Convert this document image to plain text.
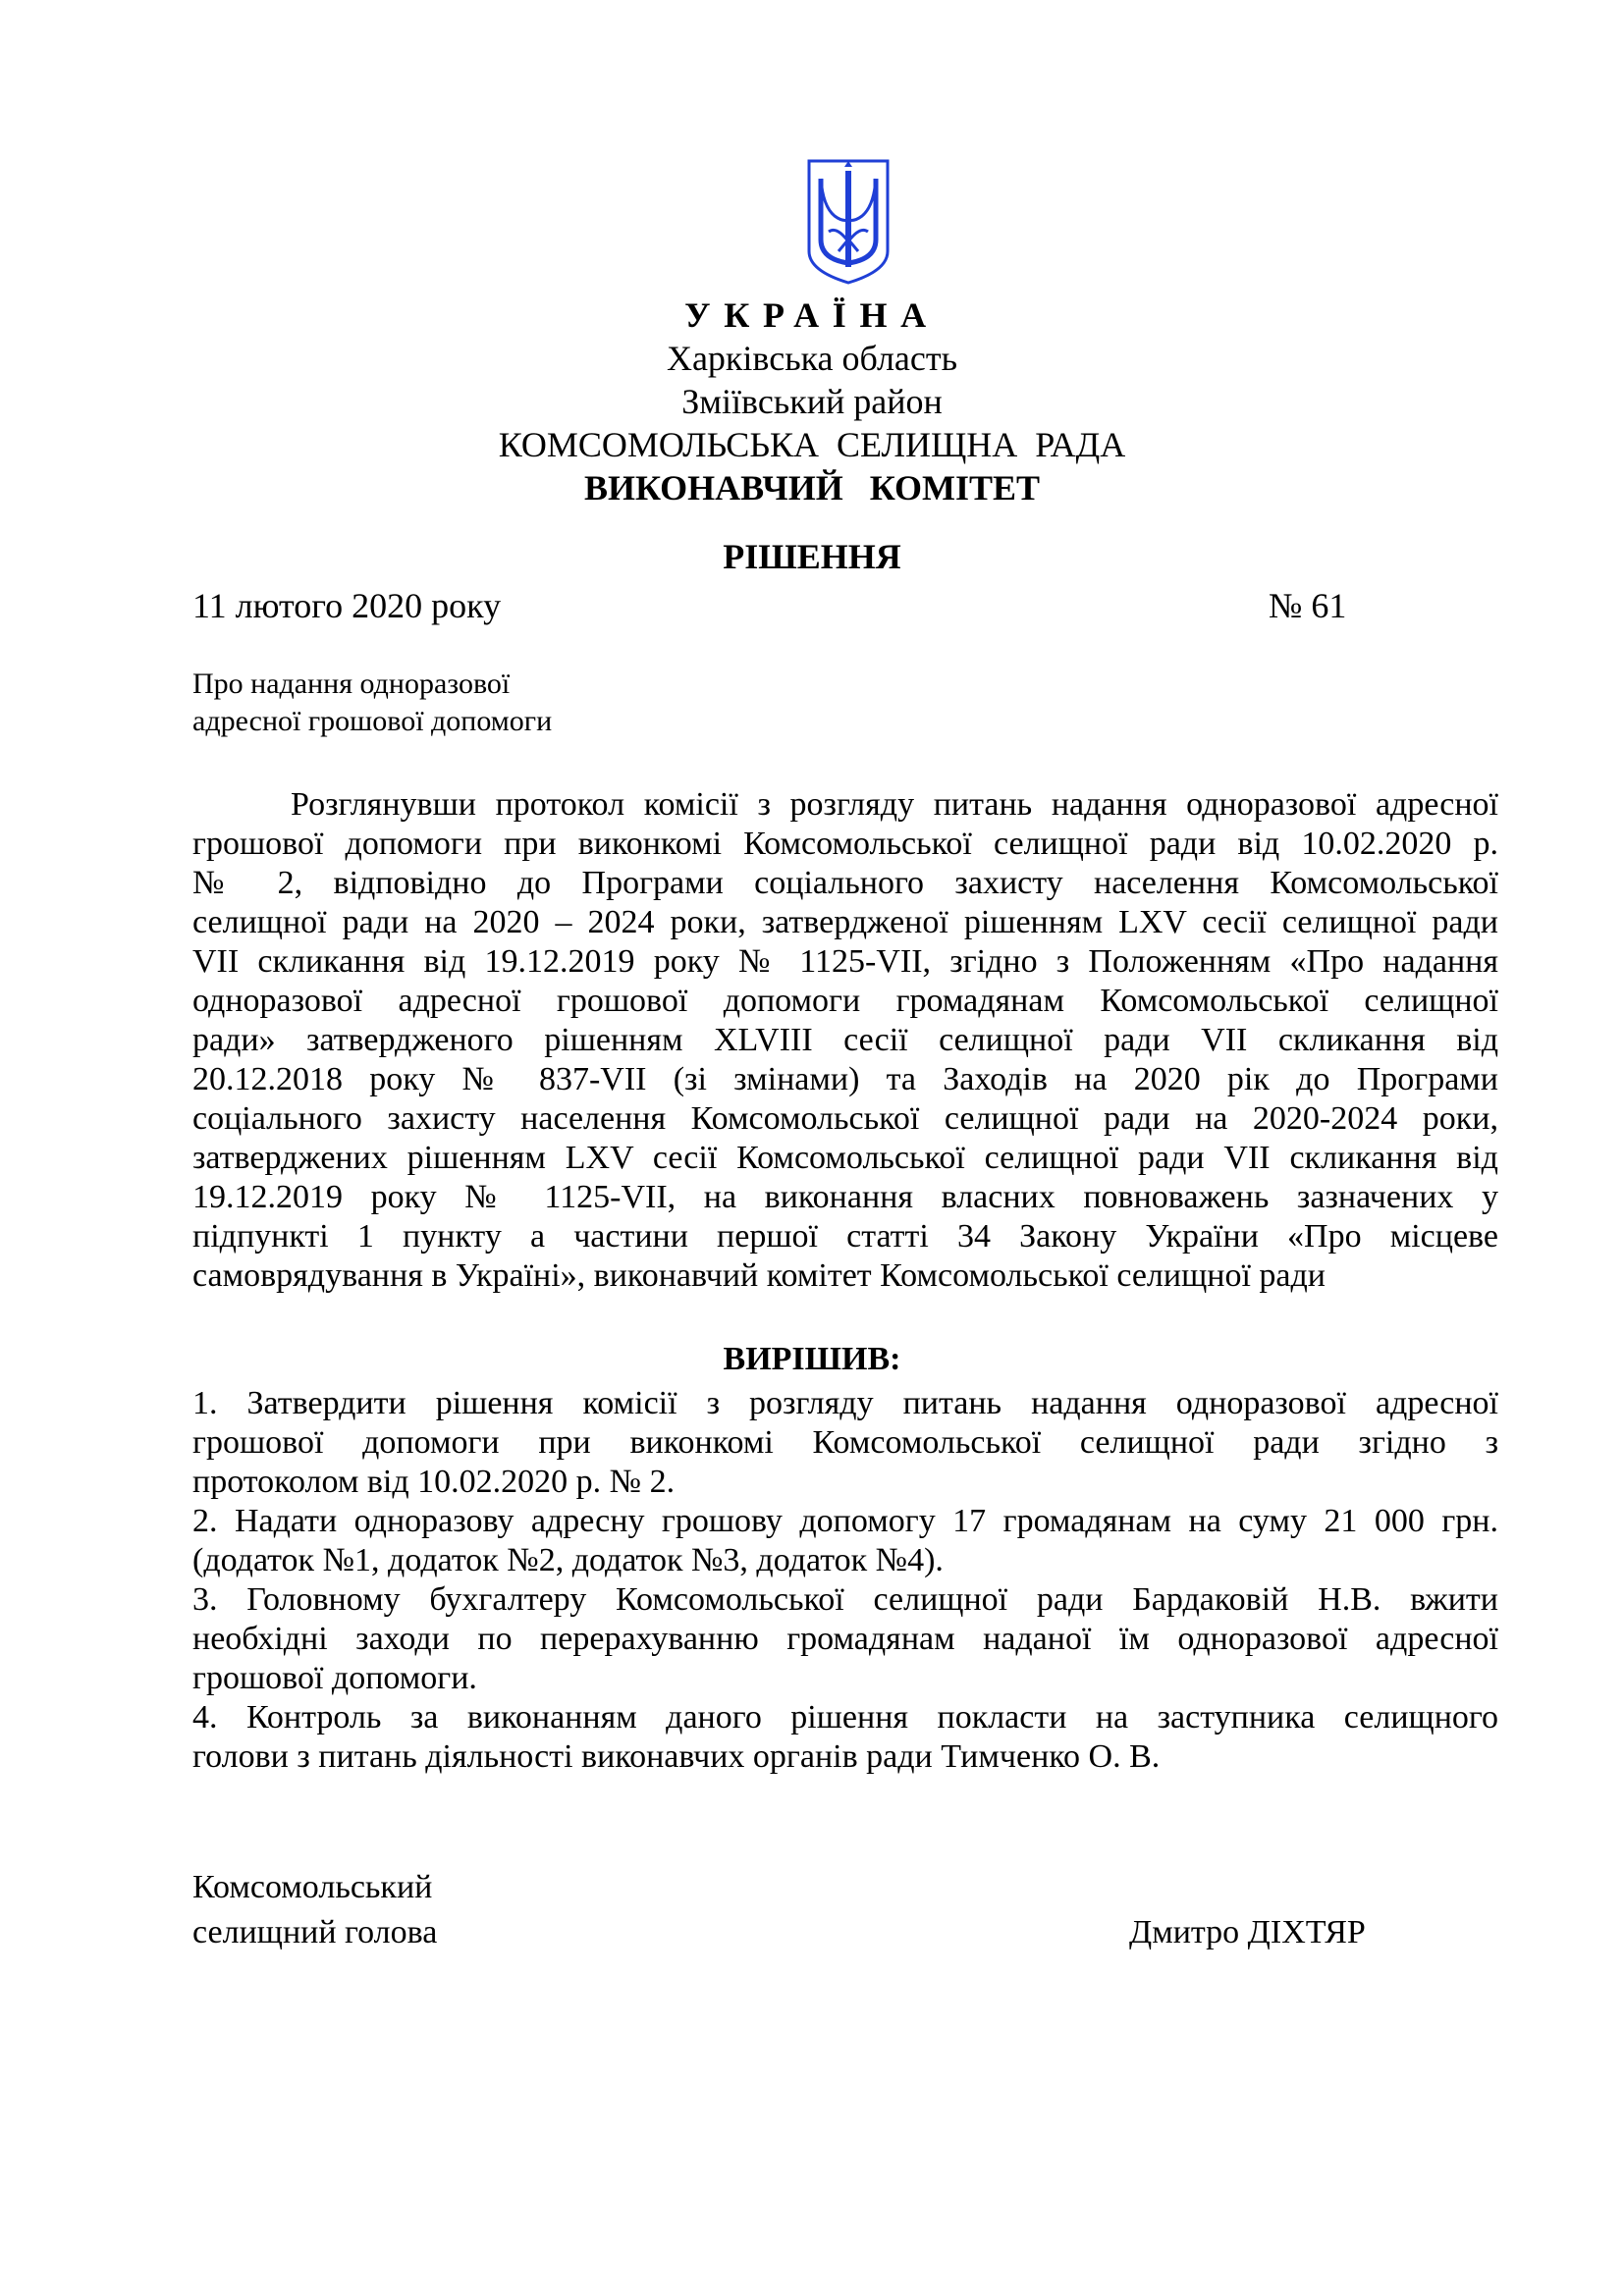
УКРАЇНА
Харківська область
Зміївський район
КОМСОМОЛЬСЬКА  СЕЛИЩНА  РАДА
ВИКОНАВЧИЙ   КОМІТЕТ
РІШЕННЯ
11 лютого 2020 року	№ 61
Про надання одноразової
адресної грошової допомоги
Розглянувши протокол комісії з розгляду питань надання одноразової адресної
грошової допомоги при виконкомі Комсомольської селищної ради від 10.02.2020 р.
№ 2, відповідно до Програми соціального захисту населення Комсомольської
селищної ради на 2020 – 2024 роки, затвердженої рішенням LXV сесії селищної ради
VII скликання від 19.12.2019 року № 1125-VII, згідно з Положенням «Про надання
одноразової адресної грошової допомоги громадянам Комсомольської селищної
ради» затвердженого рішенням XLVIII сесії селищної ради VII скликання від
20.12.2018 року № 837-VII (зі змінами) та Заходів на 2020 рік до Програми
соціального захисту населення Комсомольської селищної ради на 2020-2024 роки,
затверджених рішенням LXV сесії Комсомольської селищної ради VII скликання від
19.12.2019 року № 1125-VII, на виконання власних повноважень зазначених у
підпункті 1 пункту а частини першої статті 34 Закону України «Про місцеве
самоврядування в Україні», виконавчий комітет Комсомольської селищної ради
ВИРІШИВ:
1. Затвердити рішення комісії з розгляду питань надання одноразової адресної
грошової допомоги при виконкомі Комсомольської селищної ради згідно з
протоколом від 10.02.2020 р. № 2.
2. Надати одноразову адресну грошову допомогу 17 громадянам на суму 21 000 грн.
(додаток №1, додаток №2, додаток №3, додаток №4).
3. Головному бухгалтеру Комсомольської селищної ради Бардаковій Н.В. вжити
необхідні заходи по перерахуванню громадянам наданої їм одноразової адресної
грошової допомоги.
4. Контроль за виконанням даного рішення покласти на заступника селищного
голови з питань діяльності виконавчих органів ради Тимченко О. В.
Комсомольський
селищний голова	Дмитро ДІХТЯР
